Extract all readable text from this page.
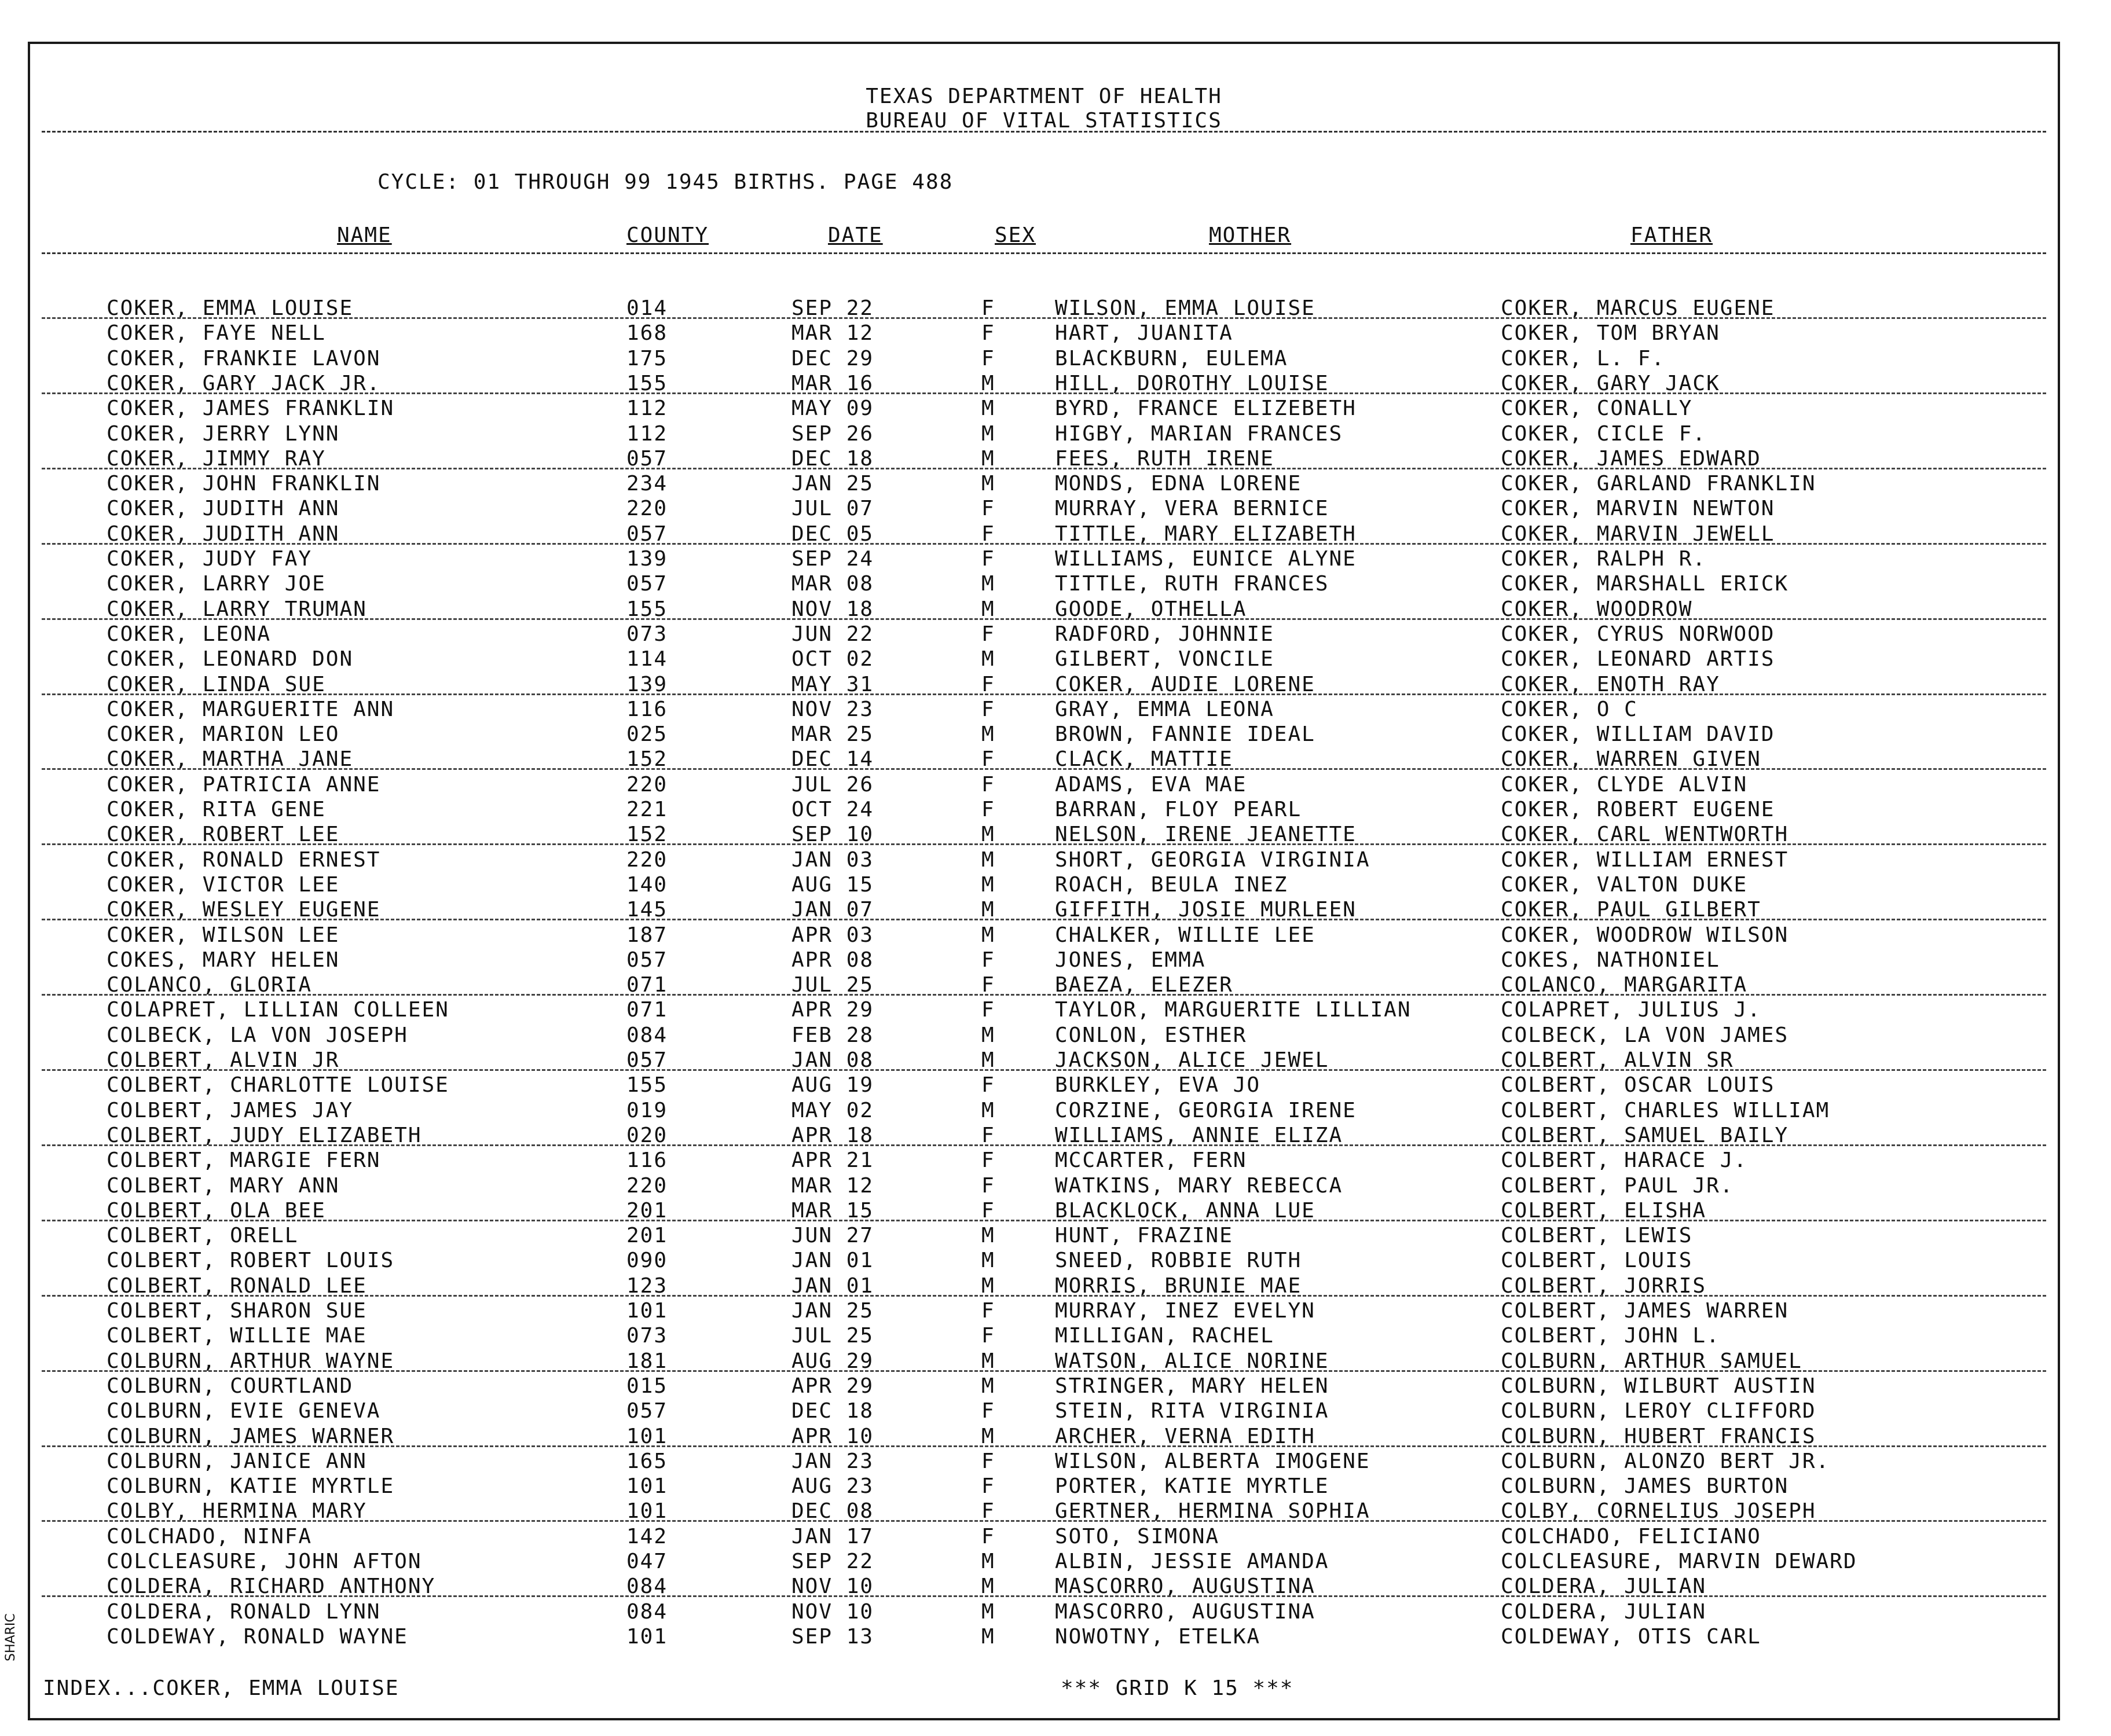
TEXAS DEPARTMENT OF HEALTH
BUREAU OF VITAL STATISTICS
CYCLE: 01 THROUGH 99 1945 BIRTHS. PAGE 488
NAME	COUNTY	DATE	SEX	MOTHER	FATHER
COKER, EMMA LOUISE	014	SEP 22	F	WILSON, EMMA LOUISE	COKER, MARCUS EUGENE
COKER, FAYE NELL	168	MAR 12	F	HART, JUANITA	COKER, TOM BRYAN
COKER, FRANKIE LAVON	175	DEC 29	F	BLACKBURN, EULEMA	COKER, L. F.
COKER, GARY JACK JR.	155	MAR 16	M	HILL, DOROTHY LOUISE	COKER, GARY JACK
COKER, JAMES FRANKLIN	112	MAY 09	M	BYRD, FRANCE ELIZEBETH	COKER, CONALLY
COKER, JERRY LYNN	112	SEP 26	M	HIGBY, MARIAN FRANCES	COKER, CICLE F.
COKER, JIMMY RAY	057	DEC 18	M	FEES, RUTH IRENE	COKER, JAMES EDWARD
COKER, JOHN FRANKLIN	234	JAN 25	M	MONDS, EDNA LORENE	COKER, GARLAND FRANKLIN
COKER, JUDITH ANN	220	JUL 07	F	MURRAY, VERA BERNICE	COKER, MARVIN NEWTON
COKER, JUDITH ANN	057	DEC 05	F	TITTLE, MARY ELIZABETH	COKER, MARVIN JEWELL
COKER, JUDY FAY	139	SEP 24	F	WILLIAMS, EUNICE ALYNE	COKER, RALPH R.
COKER, LARRY JOE	057	MAR 08	M	TITTLE, RUTH FRANCES	COKER, MARSHALL ERICK
COKER, LARRY TRUMAN	155	NOV 18	M	GOODE, OTHELLA	COKER, WOODROW
COKER, LEONA	073	JUN 22	F	RADFORD, JOHNNIE	COKER, CYRUS NORWOOD
COKER, LEONARD DON	114	OCT 02	M	GILBERT, VONCILE	COKER, LEONARD ARTIS
COKER, LINDA SUE	139	MAY 31	F	COKER, AUDIE LORENE	COKER, ENOTH RAY
COKER, MARGUERITE ANN	116	NOV 23	F	GRAY, EMMA LEONA	COKER, O C
COKER, MARION LEO	025	MAR 25	M	BROWN, FANNIE IDEAL	COKER, WILLIAM DAVID
COKER, MARTHA JANE	152	DEC 14	F	CLACK, MATTIE	COKER, WARREN GIVEN
COKER, PATRICIA ANNE	220	JUL 26	F	ADAMS, EVA MAE	COKER, CLYDE ALVIN
COKER, RITA GENE	221	OCT 24	F	BARRAN, FLOY PEARL	COKER, ROBERT EUGENE
COKER, ROBERT LEE	152	SEP 10	M	NELSON, IRENE JEANETTE	COKER, CARL WENTWORTH
COKER, RONALD ERNEST	220	JAN 03	M	SHORT, GEORGIA VIRGINIA	COKER, WILLIAM ERNEST
COKER, VICTOR LEE	140	AUG 15	M	ROACH, BEULA INEZ	COKER, VALTON DUKE
COKER, WESLEY EUGENE	145	JAN 07	M	GIFFITH, JOSIE MURLEEN	COKER, PAUL GILBERT
COKER, WILSON LEE	187	APR 03	M	CHALKER, WILLIE LEE	COKER, WOODROW WILSON
COKES, MARY HELEN	057	APR 08	F	JONES, EMMA	COKES, NATHONIEL
COLANCO, GLORIA	071	JUL 25	F	BAEZA, ELEZER	COLANCO, MARGARITA
COLAPRET, LILLIAN COLLEEN	071	APR 29	F	TAYLOR, MARGUERITE LILLIAN	COLAPRET, JULIUS J.
COLBECK, LA VON JOSEPH	084	FEB 28	M	CONLON, ESTHER	COLBECK, LA VON JAMES
COLBERT, ALVIN JR	057	JAN 08	M	JACKSON, ALICE JEWEL	COLBERT, ALVIN SR
COLBERT, CHARLOTTE LOUISE	155	AUG 19	F	BURKLEY, EVA JO	COLBERT, OSCAR LOUIS
COLBERT, JAMES JAY	019	MAY 02	M	CORZINE, GEORGIA IRENE	COLBERT, CHARLES WILLIAM
COLBERT, JUDY ELIZABETH	020	APR 18	F	WILLIAMS, ANNIE ELIZA	COLBERT, SAMUEL BAILY
COLBERT, MARGIE FERN	116	APR 21	F	MCCARTER, FERN	COLBERT, HARACE J.
COLBERT, MARY ANN	220	MAR 12	F	WATKINS, MARY REBECCA	COLBERT, PAUL JR.
COLBERT, OLA BEE	201	MAR 15	F	BLACKLOCK, ANNA LUE	COLBERT, ELISHA
COLBERT, ORELL	201	JUN 27	M	HUNT, FRAZINE	COLBERT, LEWIS
COLBERT, ROBERT LOUIS	090	JAN 01	M	SNEED, ROBBIE RUTH	COLBERT, LOUIS
COLBERT, RONALD LEE	123	JAN 01	M	MORRIS, BRUNIE MAE	COLBERT, JORRIS
COLBERT, SHARON SUE	101	JAN 25	F	MURRAY, INEZ EVELYN	COLBERT, JAMES WARREN
COLBERT, WILLIE MAE	073	JUL 25	F	MILLIGAN, RACHEL	COLBERT, JOHN L.
COLBURN, ARTHUR WAYNE	181	AUG 29	M	WATSON, ALICE NORINE	COLBURN, ARTHUR SAMUEL
COLBURN, COURTLAND	015	APR 29	M	STRINGER, MARY HELEN	COLBURN, WILBURT AUSTIN
COLBURN, EVIE GENEVA	057	DEC 18	F	STEIN, RITA VIRGINIA	COLBURN, LEROY CLIFFORD
COLBURN, JAMES WARNER	101	APR 10	M	ARCHER, VERNA EDITH	COLBURN, HUBERT FRANCIS
COLBURN, JANICE ANN	165	JAN 23	F	WILSON, ALBERTA IMOGENE	COLBURN, ALONZO BERT JR.
COLBURN, KATIE MYRTLE	101	AUG 23	F	PORTER, KATIE MYRTLE	COLBURN, JAMES BURTON
COLBY, HERMINA MARY	101	DEC 08	F	GERTNER, HERMINA SOPHIA	COLBY, CORNELIUS JOSEPH
COLCHADO, NINFA	142	JAN 17	F	SOTO, SIMONA	COLCHADO, FELICIANO
COLCLEASURE, JOHN AFTON	047	SEP 22	M	ALBIN, JESSIE AMANDA	COLCLEASURE, MARVIN DEWARD
COLDERA, RICHARD ANTHONY	084	NOV 10	M	MASCORRO, AUGUSTINA	COLDERA, JULIAN
COLDERA, RONALD LYNN	084	NOV 10	M	MASCORRO, AUGUSTINA	COLDERA, JULIAN
COLDEWAY, RONALD WAYNE	101	SEP 13	M	NOWOTNY, ETELKA	COLDEWAY, OTIS CARL
INDEX...COKER, EMMA LOUISE	*** GRID K 15 ***
SHARIC
